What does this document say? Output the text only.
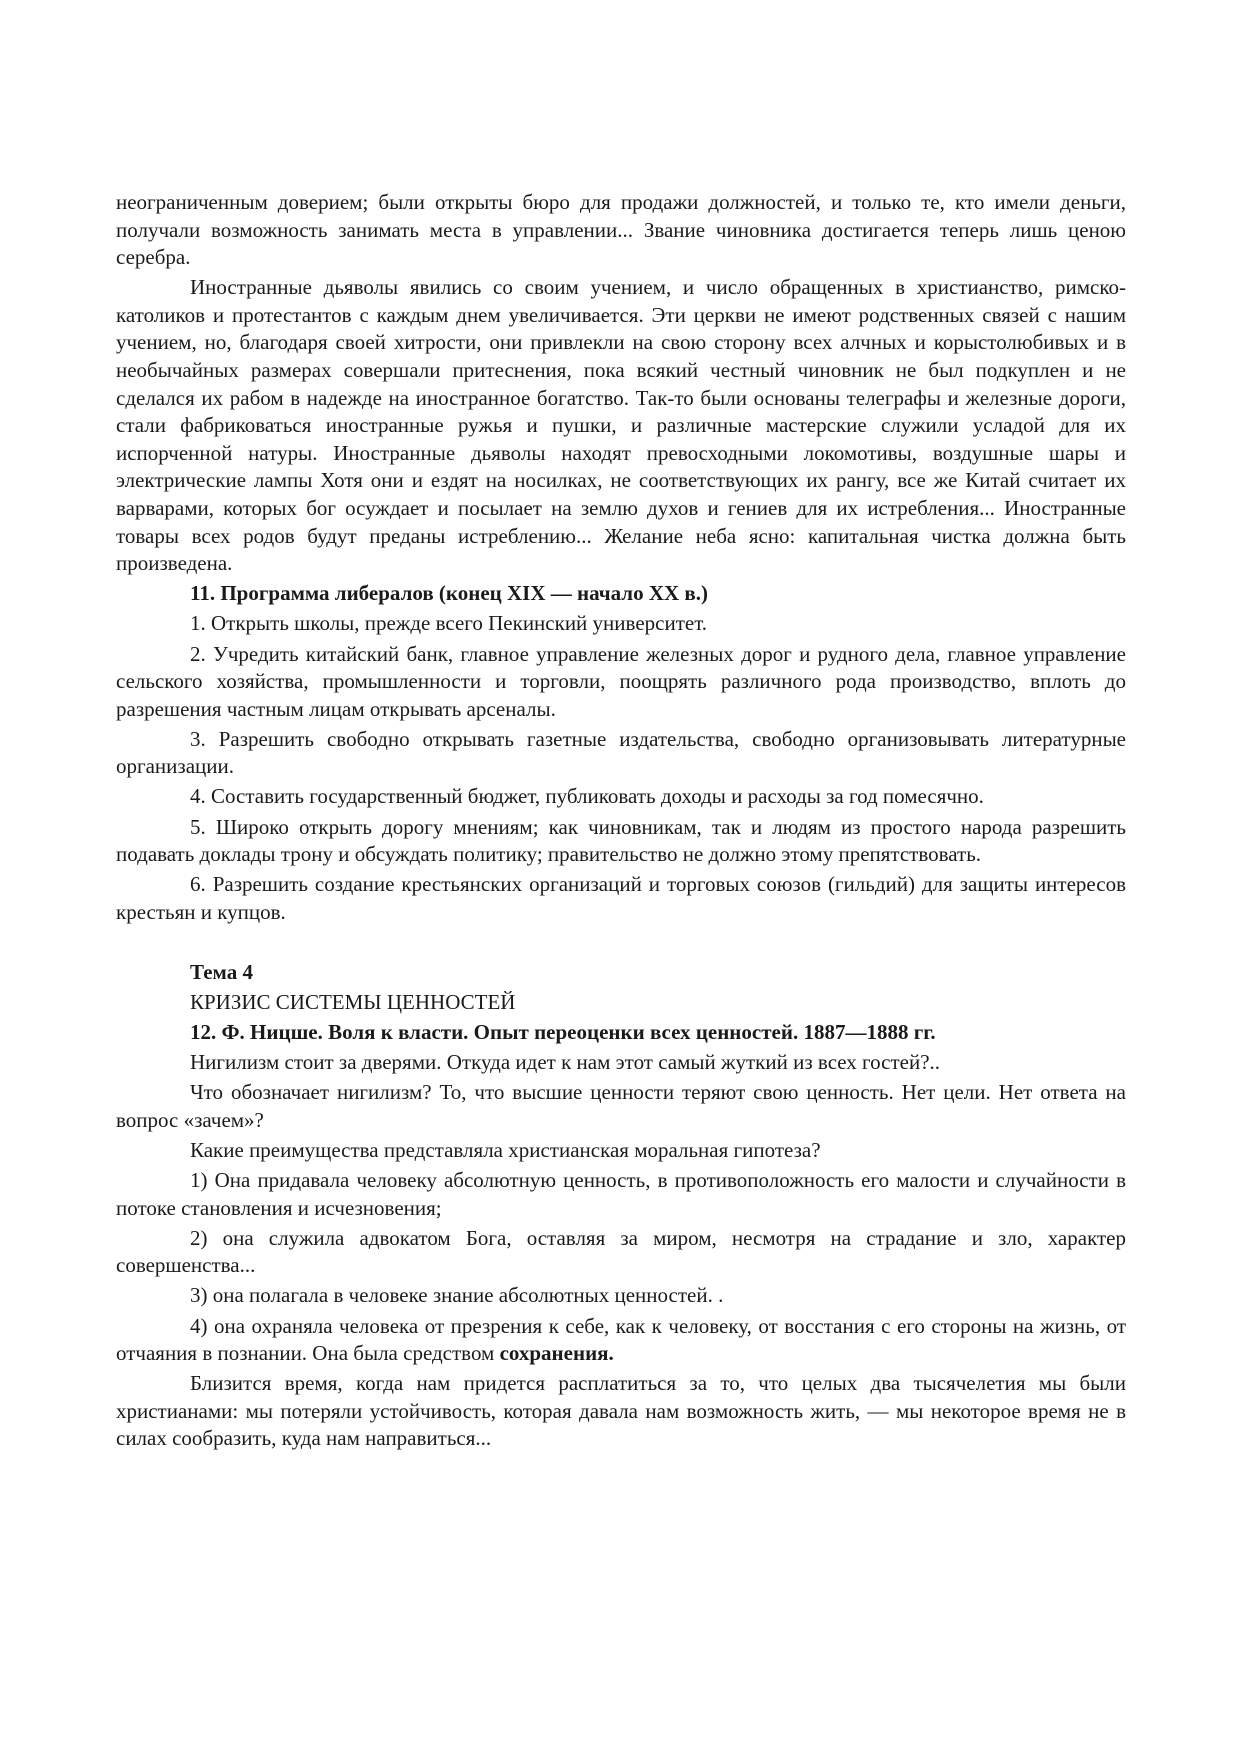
неограниченным доверием; были открыты бюро для продажи должностей, и только те, кто имели деньги, получали возможность занимать места в управлении... Звание чиновника достигается теперь лишь ценою серебра.

Иностранные дьяволы явились со своим учением, и число обращенных в христианство, римско-католиков и протестантов с каждым днем увеличивается. Эти церкви не имеют родственных связей с нашим учением, но, благодаря своей хитрости, они привлекли на свою сторону всех алчных и корыстолюбивых и в необычайных размерах совершали притеснения, пока всякий честный чиновник не был подкуплен и не сделался их рабом в надежде на иностранное богатство. Так-то были основаны телеграфы и железные дороги, стали фабриковаться иностранные ружья и пушки, и различные мастерские служили усладой для их испорченной натуры. Иностранные дьяволы находят превосходными локомотивы, воздушные шары и электрические лампы Хотя они и ездят на носилках, не соответствующих их рангу, все же Китай считает их варварами, которых бог осуждает и посылает на землю духов и гениев для их истребления... Иностранные товары всех родов будут преданы истреблению... Желание неба ясно: капитальная чистка должна быть произведена.

11. Программа либералов (конец XIX — начало XX в.)

1. Открыть школы, прежде всего Пекинский университет.

2. Учредить китайский банк, главное управление железных дорог и рудного дела, главное управление сельского хозяйства, промышленности и торговли, поощрять различного рода производство, вплоть до разрешения частным лицам открывать арсеналы.

3. Разрешить свободно открывать газетные издательства, свободно организовывать литературные организации.

4. Составить государственный бюджет, публиковать доходы и расходы за год помесячно.

5. Широко открыть дорогу мнениям; как чиновникам, так и людям из простого народа разрешить подавать доклады трону и обсуждать политику; правительство не должно этому препятствовать.

6. Разрешить создание крестьянских организаций и торговых союзов (гильдий) для защиты интересов крестьян и купцов.

Тема 4
КРИЗИС СИСТЕМЫ ЦЕННОСТЕЙ
12. Ф. Ницше. Воля к власти. Опыт переоценки всех ценностей. 1887—1888 гг.

Нигилизм стоит за дверями. Откуда идет к нам этот самый жуткий из всех гостей?..

Что обозначает нигилизм? То, что высшие ценности теряют свою ценность. Нет цели. Нет ответа на вопрос «зачем»?

Какие преимущества представляла христианская моральная гипотеза?

1) Она придавала человеку абсолютную ценность, в противоположность его малости и случайности в потоке становления и исчезновения;

2) она служила адвокатом Бога, оставляя за миром, несмотря на страдание и зло, характер совершенства...

3) она полагала в человеке знание абсолютных ценностей. .

4) она охраняла человека от презрения к себе, как к человеку, от восстания с его стороны на жизнь, от отчаяния в познании. Она была средством сохранения.

Близится время, когда нам придется расплатиться за то, что целых два тысячелетия мы были христианами: мы потеряли устойчивость, которая давала нам возможность жить, — мы некоторое время не в силах сообразить, куда нам направиться...
